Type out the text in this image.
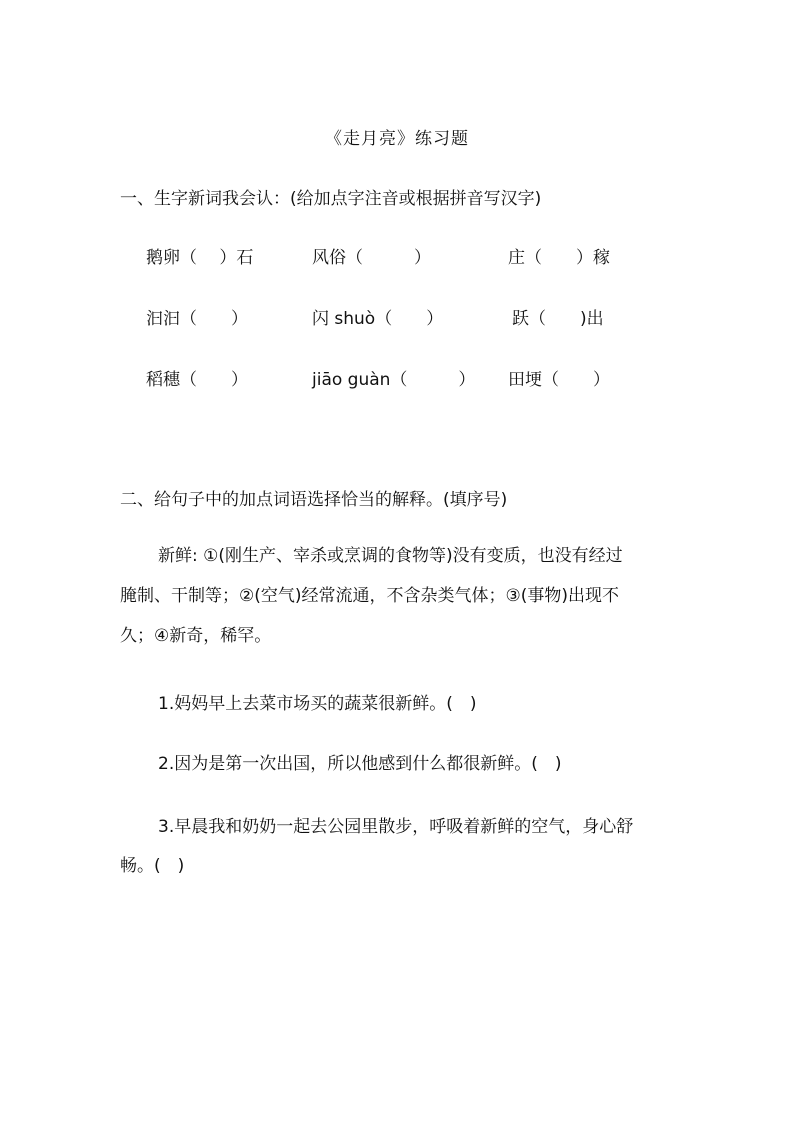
《走月亮》练习题
一、生字新词我会认：(给加点字注音或根据拼音写汉字)
鹅卵（　 ）石	风俗（　　　）	庄（　　）稼
汩汩（　　）	闪 shuò（　　）	跃（　　)出
稻穗（　　）	jiāo guàn（　　　） 田埂（　　）
二、给句子中的加点词语选择恰当的解释。(填序号)
新鲜: ①(刚生产、宰杀或烹调的食物等)没有变质，也没有经过
腌制、干制等；②(空气)经常流通，不含杂类气体；③(事物)出现不
久；④新奇，稀罕。
1.妈妈早上去菜市场买的蔬菜很新鲜。(　)
2.因为是第一次出国，所以他感到什么都很新鲜。(　)
3.早晨我和奶奶一起去公园里散步，呼吸着新鲜的空气，身心舒
畅。(　)
